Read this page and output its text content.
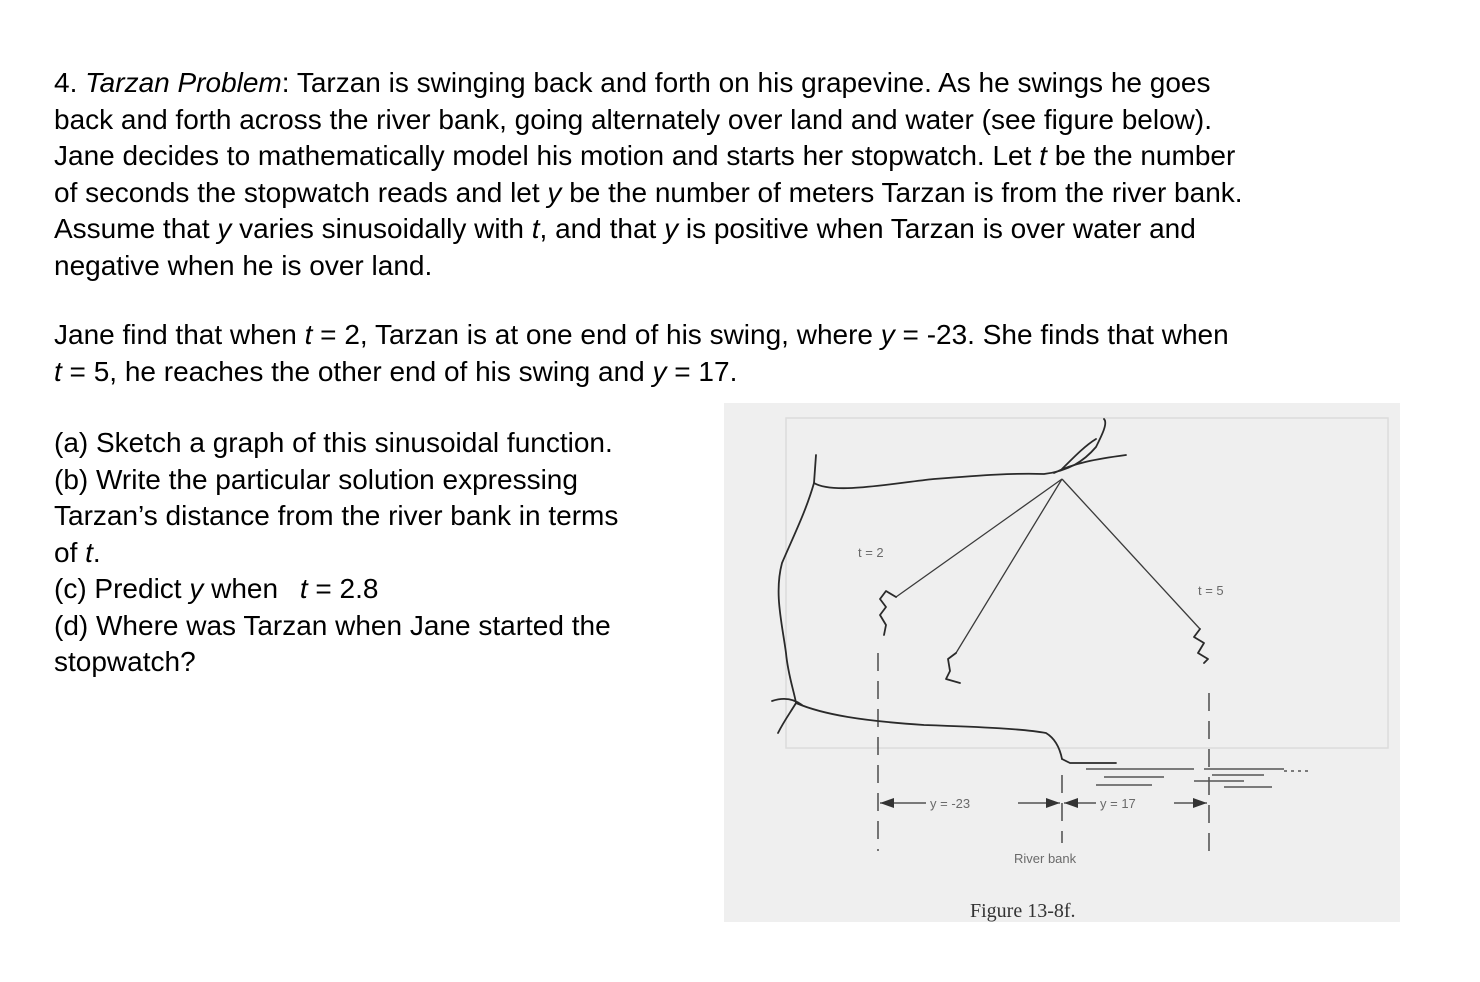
4. Tarzan Problem: Tarzan is swinging back and forth on his grapevine. As he swings he goes
back and forth across the river bank, going alternately over land and water (see figure below).
Jane decides to mathematically model his motion and starts her stopwatch. Let t be the number
of seconds the stopwatch reads and let y be the number of meters Tarzan is from the river bank.
Assume that y varies sinusoidally with t, and that y is positive when Tarzan is over water and
negative when he is over land.
Jane find that when t = 2, Tarzan is at one end of his swing, where y = -23. She finds that when
t = 5, he reaches the other end of his swing and y = 17.
(a) Sketch a graph of this sinusoidal function.
(b) Write the particular solution expressing
Tarzan’s distance from the river bank in terms
of t.
(c) Predict y when t = 2.8
(d) Where was Tarzan when Jane started the
stopwatch?
t = 2
t = 5
y = -23	y = 17
River bank
Figure 13-8f.
